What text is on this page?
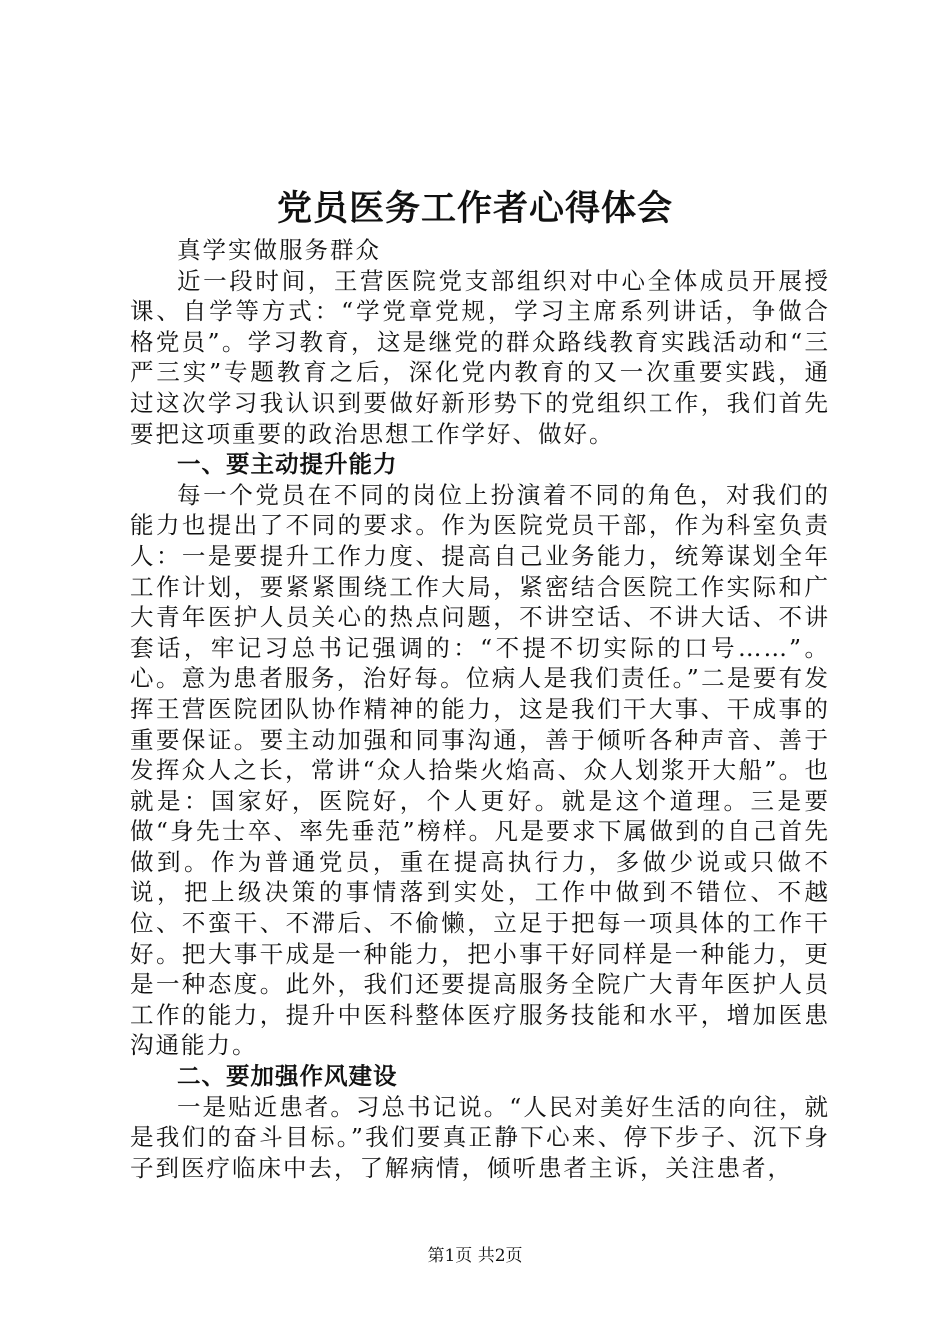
党员医务工作者心得体会

真学实做服务群众

近一段时间，王营医院党支部组织对中心全体成员开展授课、自学等方式：“学党章党规，学习主席系列讲话，争做合格党员”。学习教育，这是继党的群众路线教育实践活动和“三严三实”专题教育之后，深化党内教育的又一次重要实践，通过这次学习我认识到要做好新形势下的党组织工作，我们首先要把这项重要的政治思想工作学好、做好。

一、要主动提升能力

每一个党员在不同的岗位上扮演着不同的角色，对我们的能力也提出了不同的要求。作为医院党员干部，作为科室负责人：一是要提升工作力度、提高自己业务能力，统筹谋划全年工作计划，要紧紧围绕工作大局，紧密结合医院工作实际和广大青年医护人员关心的热点问题，不讲空话、不讲大话、不讲套话，牢记习总书记强调的：“不提不切实际的口号……”。心。意为患者服务，治好每。位病人是我们责任。”二是要有发挥王营医院团队协作精神的能力，这是我们干大事、干成事的重要保证。要主动加强和同事沟通，善于倾听各种声音、善于发挥众人之长，常讲“众人拾柴火焰高、众人划浆开大船”。也就是：国家好，医院好，个人更好。就是这个道理。三是要做“身先士卒、率先垂范”榜样。凡是要求下属做到的自己首先做到。作为普通党员，重在提高执行力，多做少说或只做不说，把上级决策的事情落到实处，工作中做到不错位、不越位、不蛮干、不滞后、不偷懒，立足于把每一项具体的工作干好。把大事干成是一种能力，把小事干好同样是一种能力，更是一种态度。此外，我们还要提高服务全院广大青年医护人员工作的能力，提升中医科整体医疗服务技能和水平，增加医患沟通能力。

二、要加强作风建设

一是贴近患者。习总书记说。“人民对美好生活的向往，就是我们的奋斗目标。”我们要真正静下心来、停下步子、沉下身子到医疗临床中去，了解病情，倾听患者主诉，关注患者，

第1页 共2页
